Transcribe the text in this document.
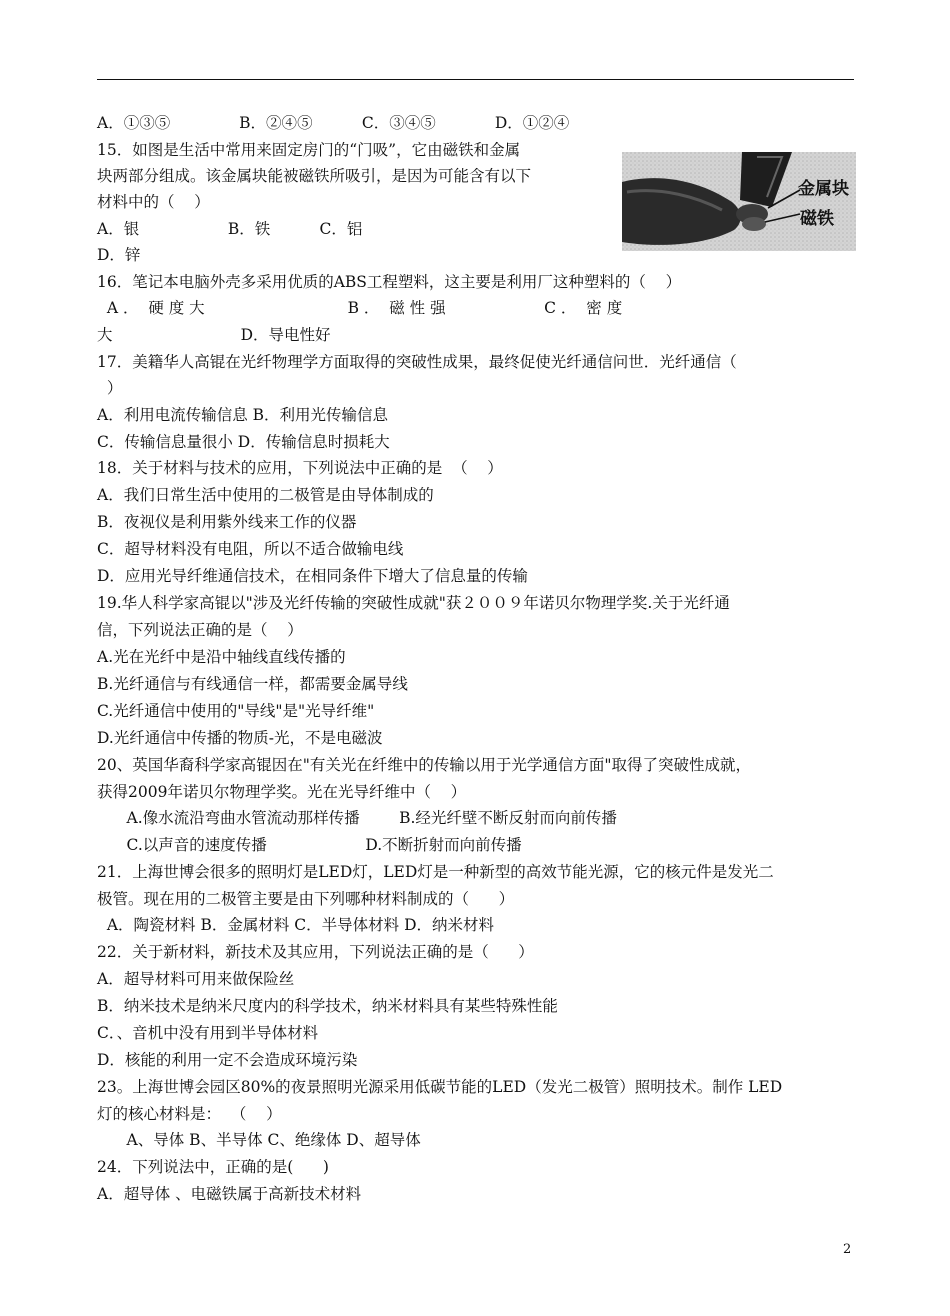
A．①③⑤              B．②④⑤          C．③④⑤            D．①②④
15．如图是生活中常用来固定房门的“门吸”，它由磁铁和金属
块两部分组成。该金属块能被磁铁所吸引，是因为可能含有以下
材料中的（    ）
A．银                  B．铁          C．铝
D．锌
16．笔记本电脑外壳多采用优质的ABS工程塑料，这主要是利用厂这种塑料的（    ）
A ．  硬 度 大                             B ．  磁 性 强                    C ．  密 度
大                          D．导电性好
17．美籍华人高锟在光纤物理学方面取得的突破性成果，最终促使光纤通信问世．光纤通信（
）
A．利用电流传输信息 B．利用光传输信息
C．传输信息量很小 D．传输信息时损耗大
18．关于材料与技术的应用，下列说法中正确的是  （    ）
A．我们日常生活中使用的二极管是由导体制成的
B．夜视仪是利用紫外线来工作的仪器
C．超导材料没有电阻，所以不适合做输电线
D．应用光导纤维通信技术，在相同条件下增大了信息量的传输
19.华人科学家高锟以"涉及光纤传输的突破性成就"获２００９年诺贝尔物理学奖.关于光纤通
信，下列说法正确的是（    ）
A.光在光纤中是沿中轴线直线传播的
B.光纤通信与有线通信一样，都需要金属导线
C.光纤通信中使用的"导线"是"光导纤维"
D.光纤通信中传播的物质-光，不是电磁波
20、英国华裔科学家高锟因在"有关光在纤维中的传输以用于光学通信方面"取得了突破性成就，
获得2009年诺贝尔物理学奖。光在光导纤维中（    ）
A.像水流沿弯曲水管流动那样传播        B.经光纤壁不断反射而向前传播
C.以声音的速度传播                    D.不断折射而向前传播
21．上海世博会很多的照明灯是LED灯，LED灯是一种新型的高效节能光源，它的核元件是发光二
极管。现在用的二极管主要是由下列哪种材料制成的（      ）
A．陶瓷材料 B．金属材料 C．半导体材料 D．纳米材料
22．关于新材料，新技术及其应用，下列说法正确的是（      ）
A．超导材料可用来做保险丝
B．纳米技术是纳米尺度内的科学技术，纳米材料具有某些特殊性能
C．、音机中没有用到半导体材料
D．核能的利用一定不会造成环境污染
23。上海世博会园区80%的夜景照明光源采用低碳节能的LED（发光二极管）照明技术。制作 LED
灯的核心材料是：  （    ）
A、导体 B、半导体 C、绝缘体 D、超导体
24．下列说法中，正确的是(      )
A．超导体 、电磁铁属于高新技术材料
金属块
磁铁
2
